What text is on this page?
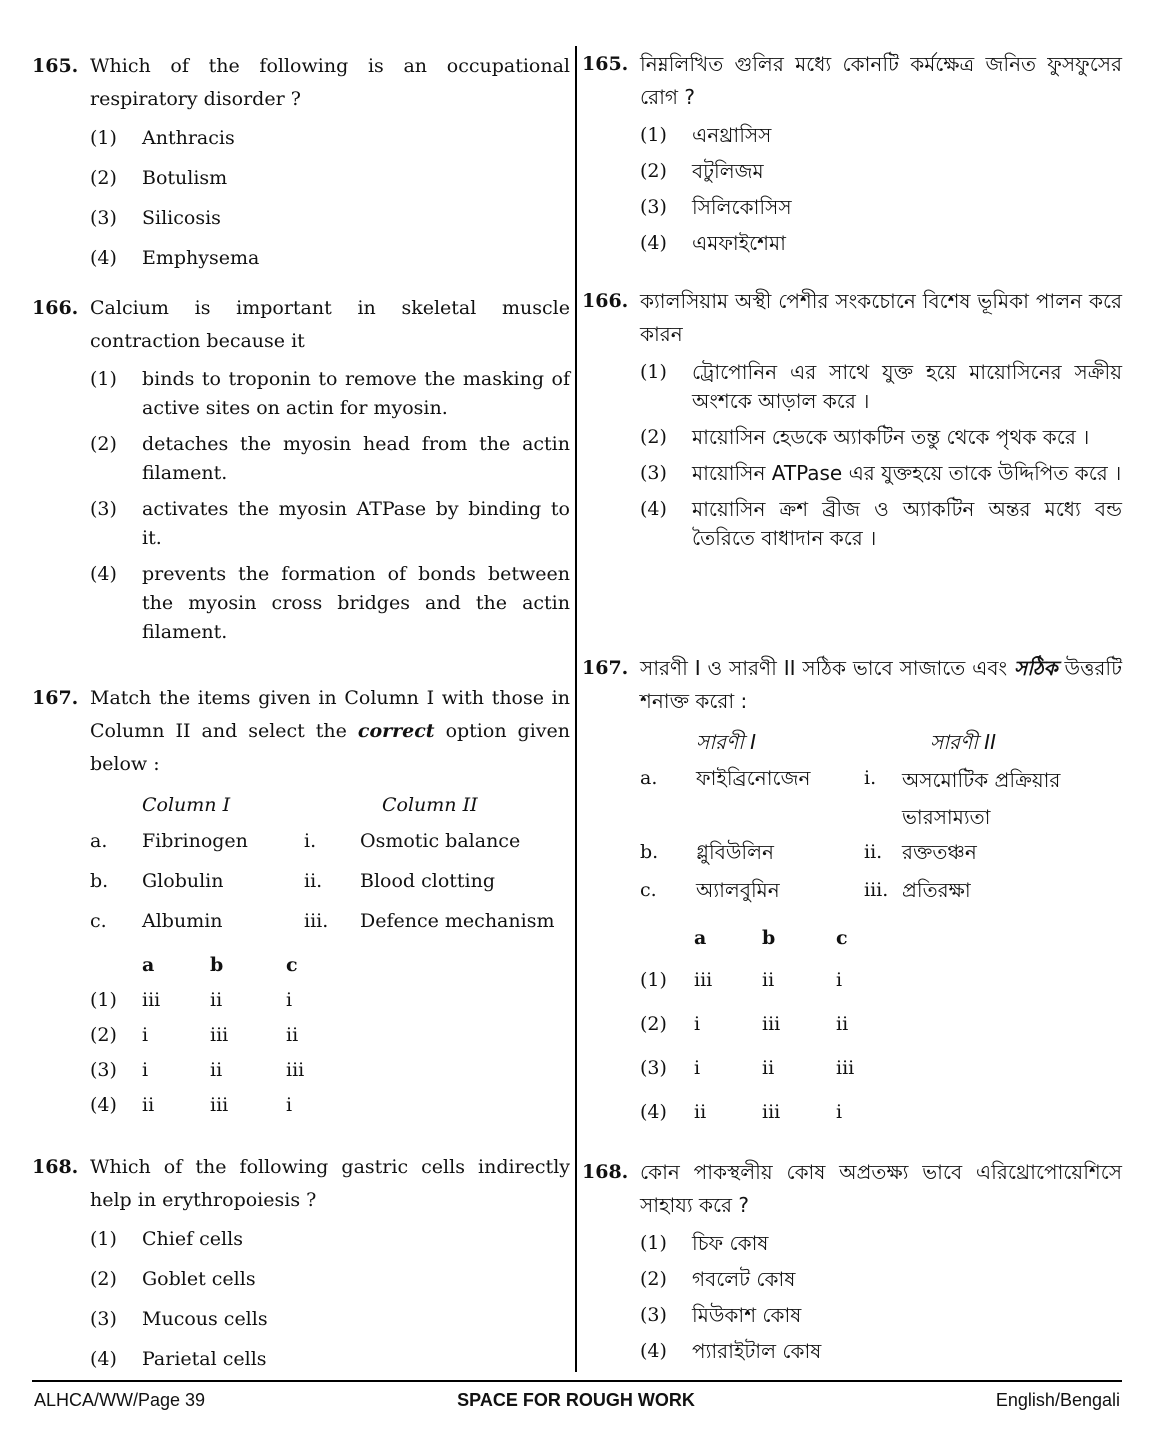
165. Which of the following is an occupational respiratory disorder ?
(1) Anthracis
(2) Botulism
(3) Silicosis
(4) Emphysema
166. Calcium is important in skeletal muscle contraction because it
(1) binds to troponin to remove the masking of active sites on actin for myosin.
(2) detaches the myosin head from the actin filament.
(3) activates the myosin ATPase by binding to it.
(4) prevents the formation of bonds between the myosin cross bridges and the actin filament.
167. Match the items given in Column I with those in Column II and select the correct option given below :
Column I	Column II
a. Fibrinogen	i. Osmotic balance
b. Globulin	ii. Blood clotting
c. Albumin	iii. Defence mechanism
a	b	c
(1) iii	ii	i
(2) i	iii	ii
(3) i	ii	iii
(4) ii	iii	i
168. Which of the following gastric cells indirectly help in erythropoiesis ?
(1) Chief cells
(2) Goblet cells
(3) Mucous cells
(4) Parietal cells
165. নিম্নলিখিত গুলির মধ্যে কোনটি কর্মক্ষেত্র জনিত ফুসফুসের রোগ ?
(1) এনথ্রাসিস
(2) বটুলিজম
(3) সিলিকোসিস
(4) এমফাইশেমা
166. ক্যালসিয়াম অস্থী পেশীর সংকচোনে বিশেষ ভূমিকা পালন করে কারন
(1) ট্রোপোনিন এর সাথে যুক্ত হয়ে মায়োসিনের সক্রীয় অংশকে আড়াল করে ।
(2) মায়োসিন হেডকে অ্যাকটিন তন্তু থেকে পৃথক করে ।
(3) মায়োসিন ATPase এর যুক্তহয়ে তাকে উদ্দিপিত করে ।
(4) মায়োসিন ক্রশ ব্রীজ ও অ্যাকটিন অন্তর মধ্যে বন্ড তৈরিতে বাধাদান করে ।
167. সারণী I ও সারণী II সঠিক ভাবে সাজাতে এবং সঠিক উত্তরটি শনাক্ত করো :
সারণী I	সারণী II
a. ফাইব্রিনোজেন	i. অসমোটিক প্রক্রিয়ার ভারসাম্যতা
b. গ্লুবিউলিন	ii. রক্ততঞ্চন
c. অ্যালবুমিন	iii. প্রতিরক্ষা
a	b	c
(1) iii	ii	i
(2) i	iii	ii
(3) i	ii	iii
(4) ii	iii	i
168. কোন পাকস্থলীয় কোষ অপ্রতক্ষ্য ভাবে এরিথ্রোপোয়েশিসে সাহায্য করে ?
(1) চিফ কোষ
(2) গবলেট কোষ
(3) মিউকাশ কোষ
(4) প্যারাইটাল কোষ
ALHCA/WW/Page 39	SPACE FOR ROUGH WORK	English/Bengali
